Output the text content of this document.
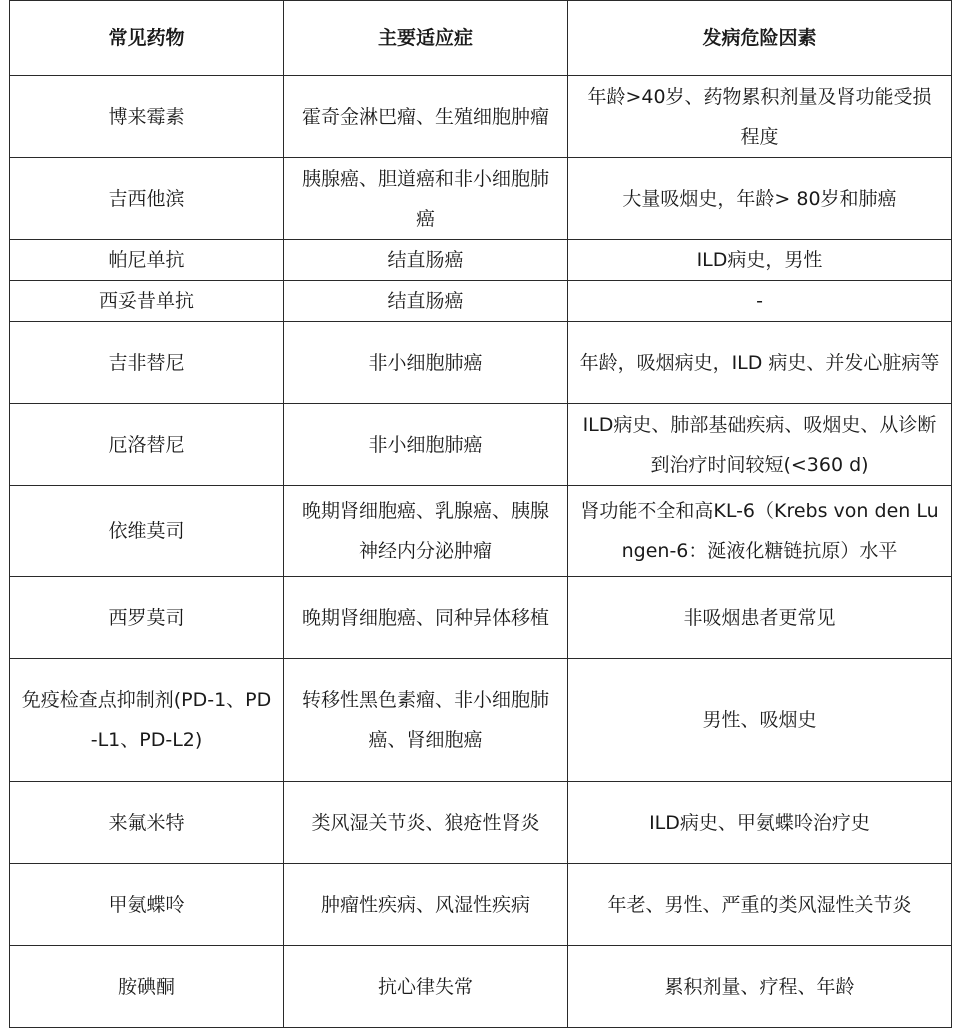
常见药物	主要适应症	发病危险因素
博来霉素	霍奇金淋巴瘤、生殖细胞肿瘤	年龄>40岁、药物累积剂量及肾功能受损程度
吉西他滨	胰腺癌、胆道癌和非小细胞肺癌	大量吸烟史，年龄> 80岁和肺癌
帕尼单抗	结直肠癌	ILD病史，男性
西妥昔单抗	结直肠癌	-
吉非替尼	非小细胞肺癌	年龄，吸烟病史，ILD 病史、并发心脏病等
厄洛替尼	非小细胞肺癌	ILD病史、肺部基础疾病、吸烟史、从诊断到治疗时间较短(<360 d)
依维莫司	晚期肾细胞癌、乳腺癌、胰腺神经内分泌肿瘤	肾功能不全和高KL-6（Krebs von den Lungen-6：涎液化糖链抗原）水平
西罗莫司	晚期肾细胞癌、同种异体移植	非吸烟患者更常见
免疫检查点抑制剂(PD-1、PD-L1、PD-L2)	转移性黑色素瘤、非小细胞肺癌、肾细胞癌	男性、吸烟史
来氟米特	类风湿关节炎、狼疮性肾炎	ILD病史、甲氨蝶呤治疗史
甲氨蝶呤	肿瘤性疾病、风湿性疾病	年老、男性、严重的类风湿性关节炎
胺碘酮	抗心律失常	累积剂量、疗程、年龄
